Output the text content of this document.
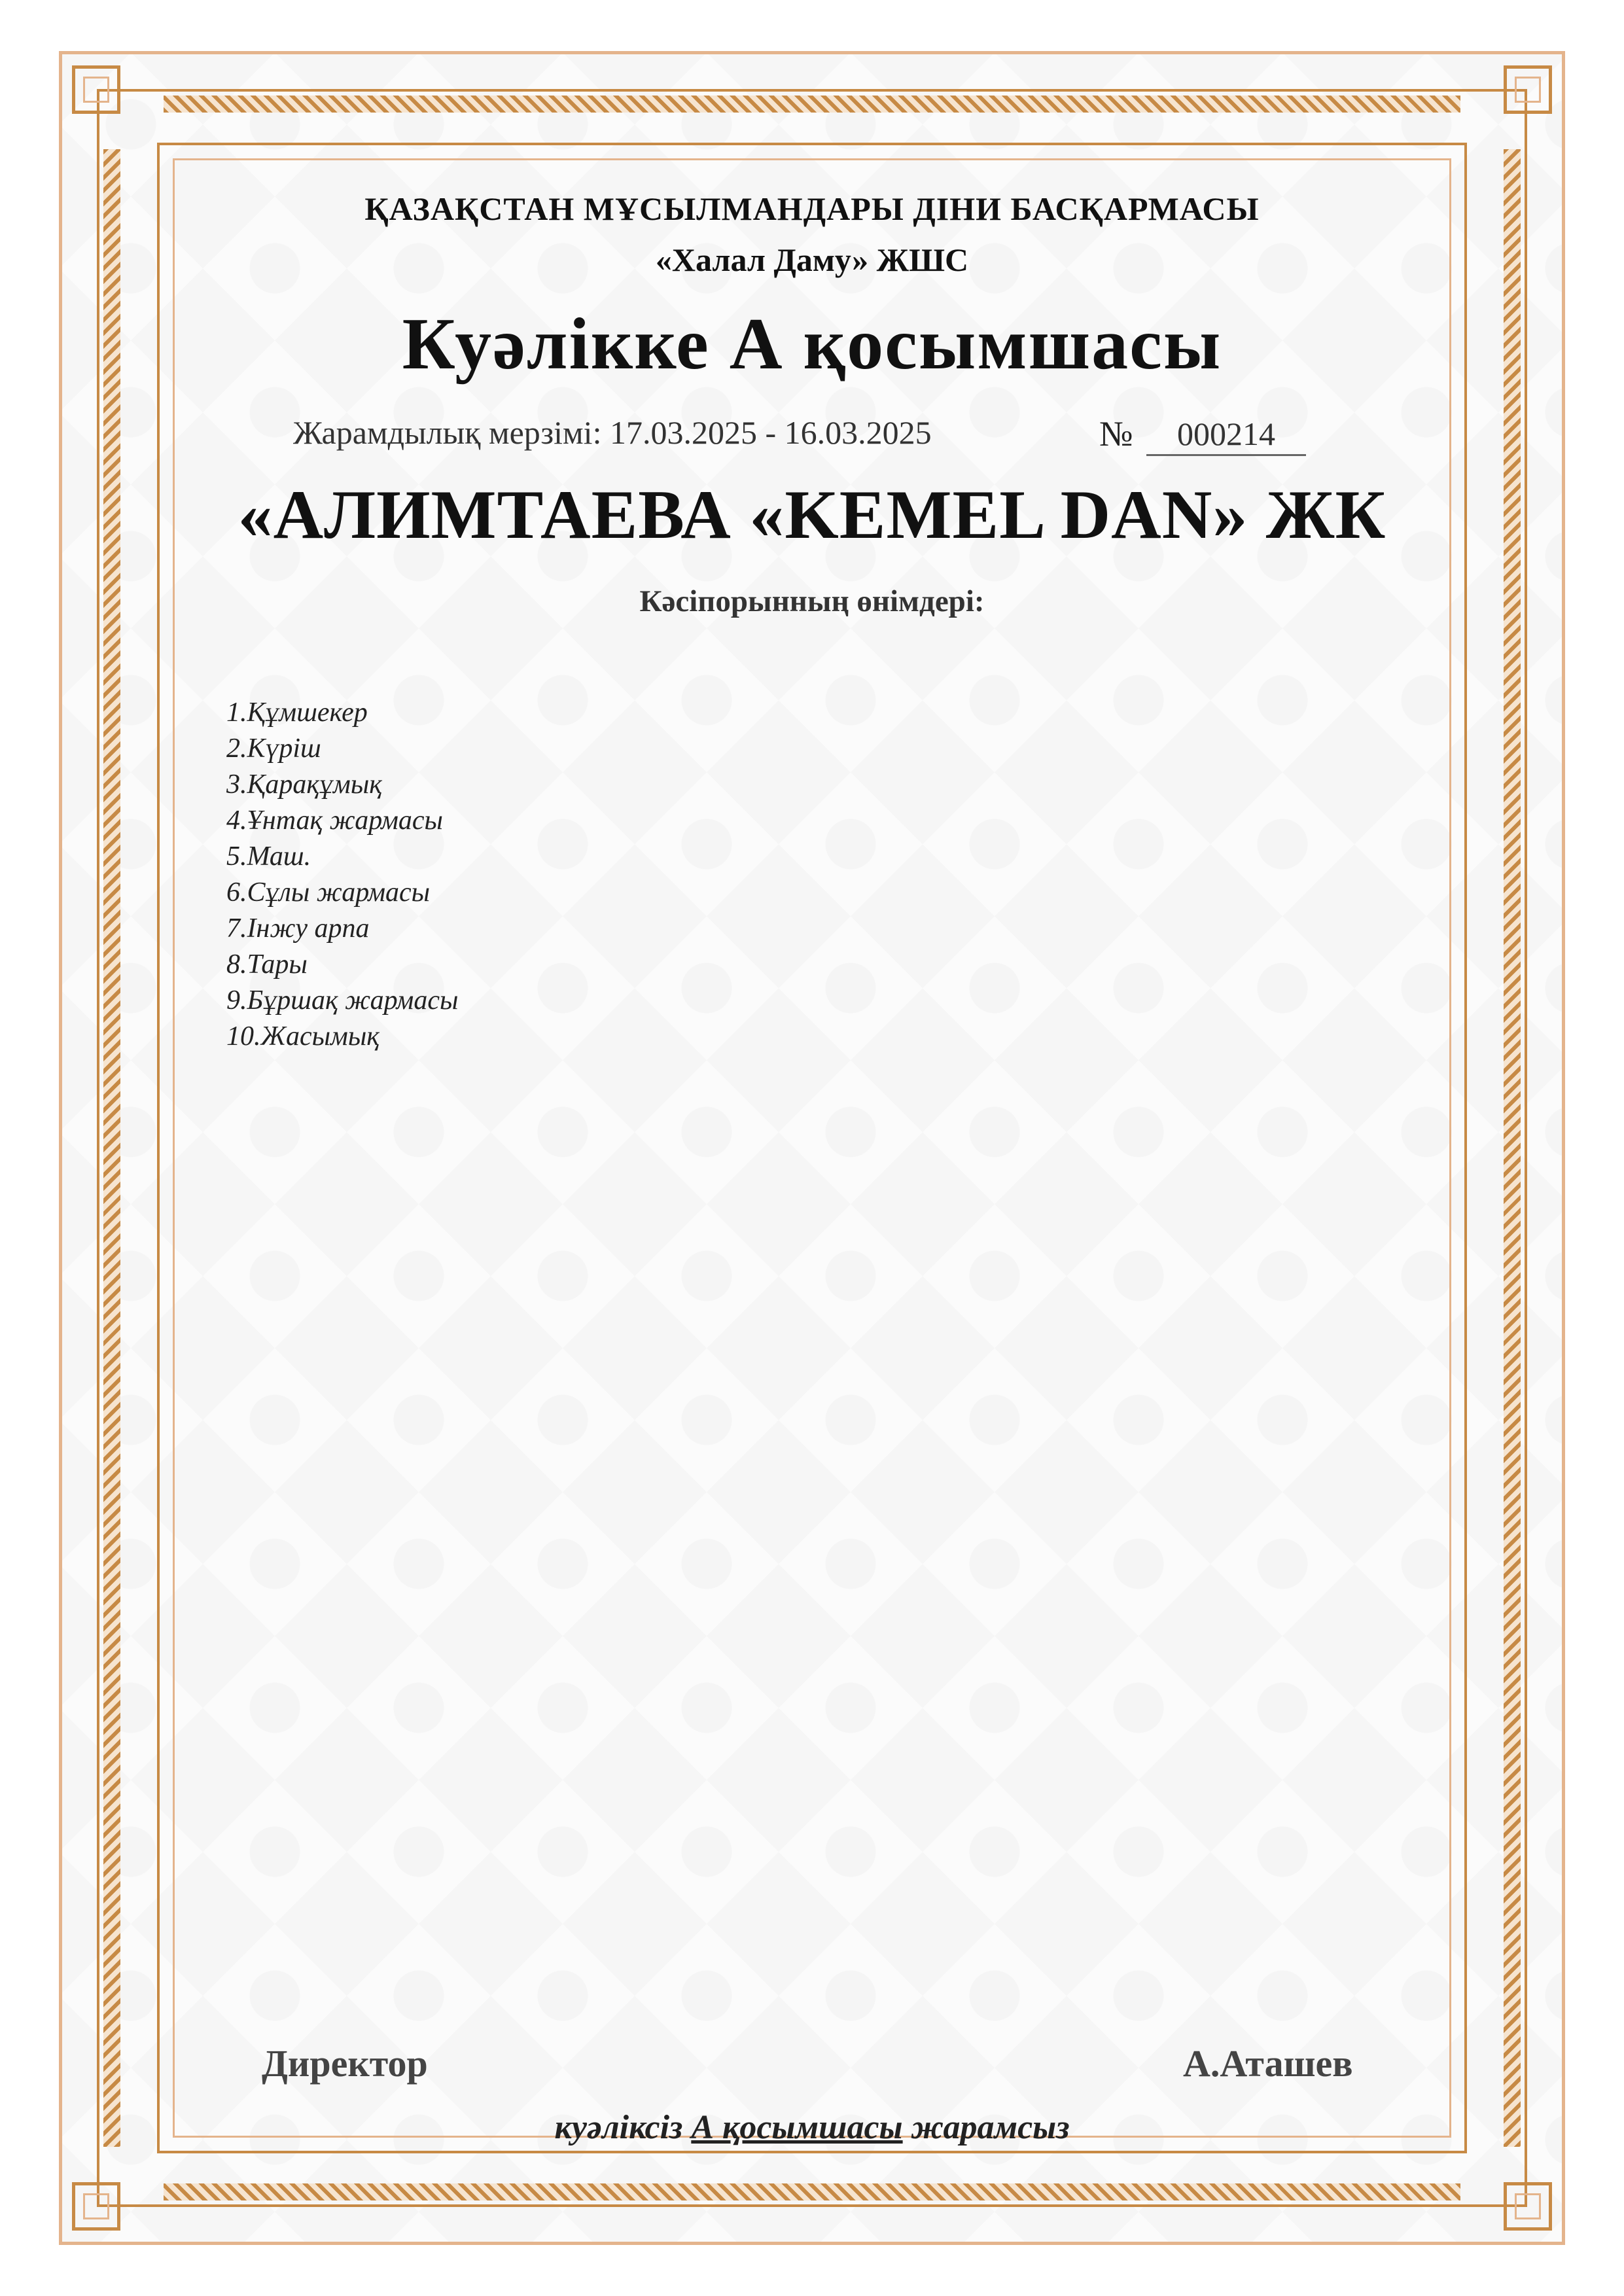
ҚАЗАҚСТАН МҰСЫЛМАНДАРЫ ДІНИ БАСҚАРМАСЫ
«Халал Даму» ЖШС
Куәлікке А қосымшасы
Жарамдылық мерзімі: 17.03.2025 - 16.03.2025	№	000214
«АЛИМТАЕВА «KEMEL DAN» ЖК
Кәсіпорынның өнімдері:
1.Құмшекер
2.Күріш
3.Қарақұмық
4.Ұнтақ жармасы
5.Маш.
6.Сұлы жармасы
7.Інжу арпа
8.Тары
9.Бұршақ жармасы
10.Жасымық
Директор	А.Аташев
куәліксіз А қосымшасы жарамсыз
